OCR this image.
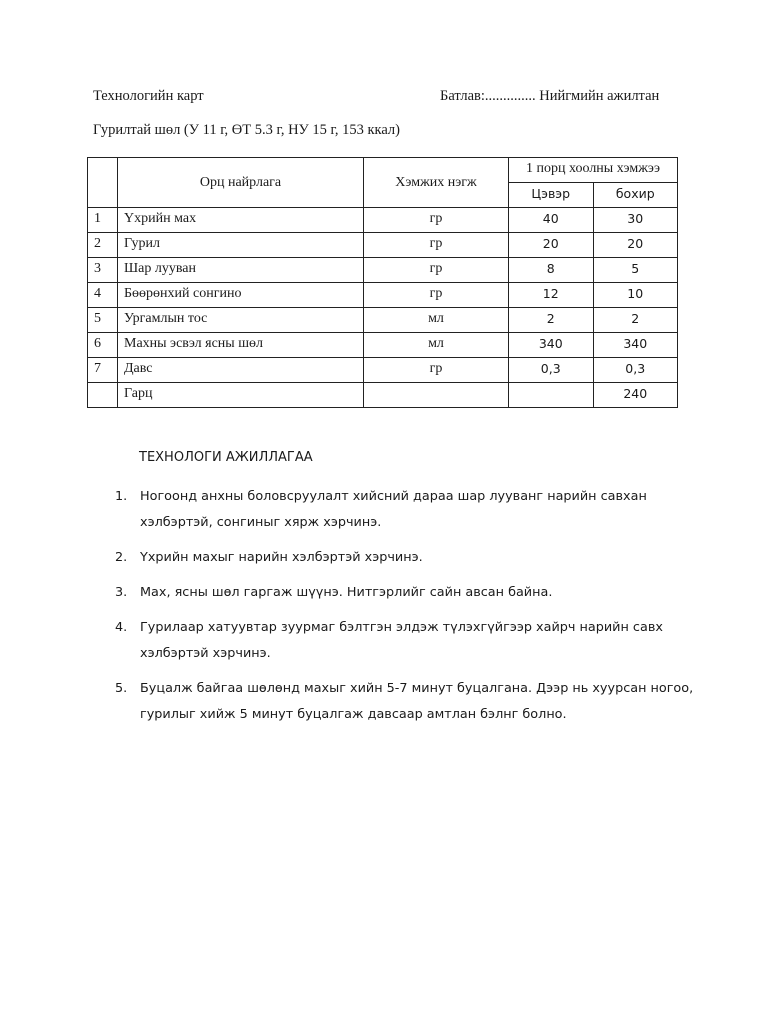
Технологийн карт	Батлав:.............. Нийгмийн ажилтан
Гурилтай шөл (У 11 г, ӨТ 5.3 г, НУ 15 г, 153 ккал)
	Орц найрлага	Хэмжих нэгж	1 порц хоолны хэмжээ	
			Цэвэр	бохир
1	Үхрийн мах	гр	40	30
2	Гурил	гр	20	20
3	Шар лууван	гр	8	5
4	Бөөрөнхий сонгино	гр	12	10
5	Ургамлын тос	мл	2	2
6	Махны эсвэл ясны шөл	мл	340	340
7	Давс	гр	0,3	0,3
	Гарц			240
ТЕХНОЛОГИ АЖИЛЛАГАА
1. Ногоонд анхны боловсруулалт хийсний дараа шар лууванг нарийн савхан хэлбэртэй, сонгиныг хярж хэрчинэ.
2. Үхрийн махыг нарийн хэлбэртэй хэрчинэ.
3. Мах, ясны шөл гаргаж шүүнэ. Нитгэрлийг сайн авсан байна.
4. Гурилаар хатуувтар зуурмаг бэлтгэн элдэж түлэхгүйгээр хайрч нарийн савх хэлбэртэй хэрчинэ.
5. Буцалж байгаа шөлөнд махыг хийн 5-7 минут буцалгана. Дээр нь хуурсан ногоо, гурилыг хийж 5 минут буцалгаж давсаар амтлан бэлнг болно.
